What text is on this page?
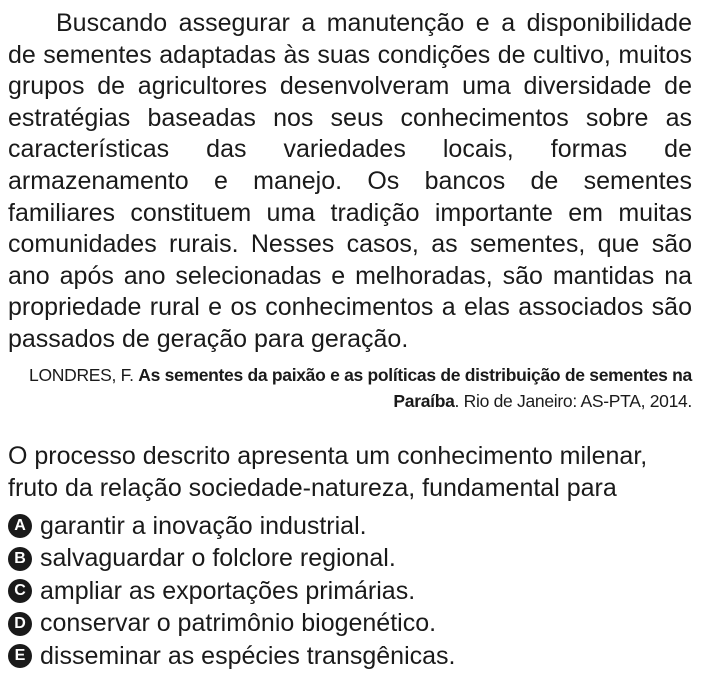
Buscando assegurar a manutenção e a disponibilidade de sementes adaptadas às suas condições de cultivo, muitos grupos de agricultores desenvolveram uma diversidade de estratégias baseadas nos seus conhecimentos sobre as características das variedades locais, formas de armazenamento e manejo. Os bancos de sementes familiares constituem uma tradição importante em muitas comunidades rurais. Nesses casos, as sementes, que são ano após ano selecionadas e melhoradas, são mantidas na propriedade rural e os conhecimentos a elas associados são passados de geração para geração.

LONDRES, F. As sementes da paixão e as políticas de distribuição de sementes na Paraíba. Rio de Janeiro: AS-PTA, 2014.

O processo descrito apresenta um conhecimento milenar, fruto da relação sociedade-natureza, fundamental para

A garantir a inovação industrial.
B salvaguardar o folclore regional.
C ampliar as exportações primárias.
D conservar o patrimônio biogenético.
E disseminar as espécies transgênicas.
